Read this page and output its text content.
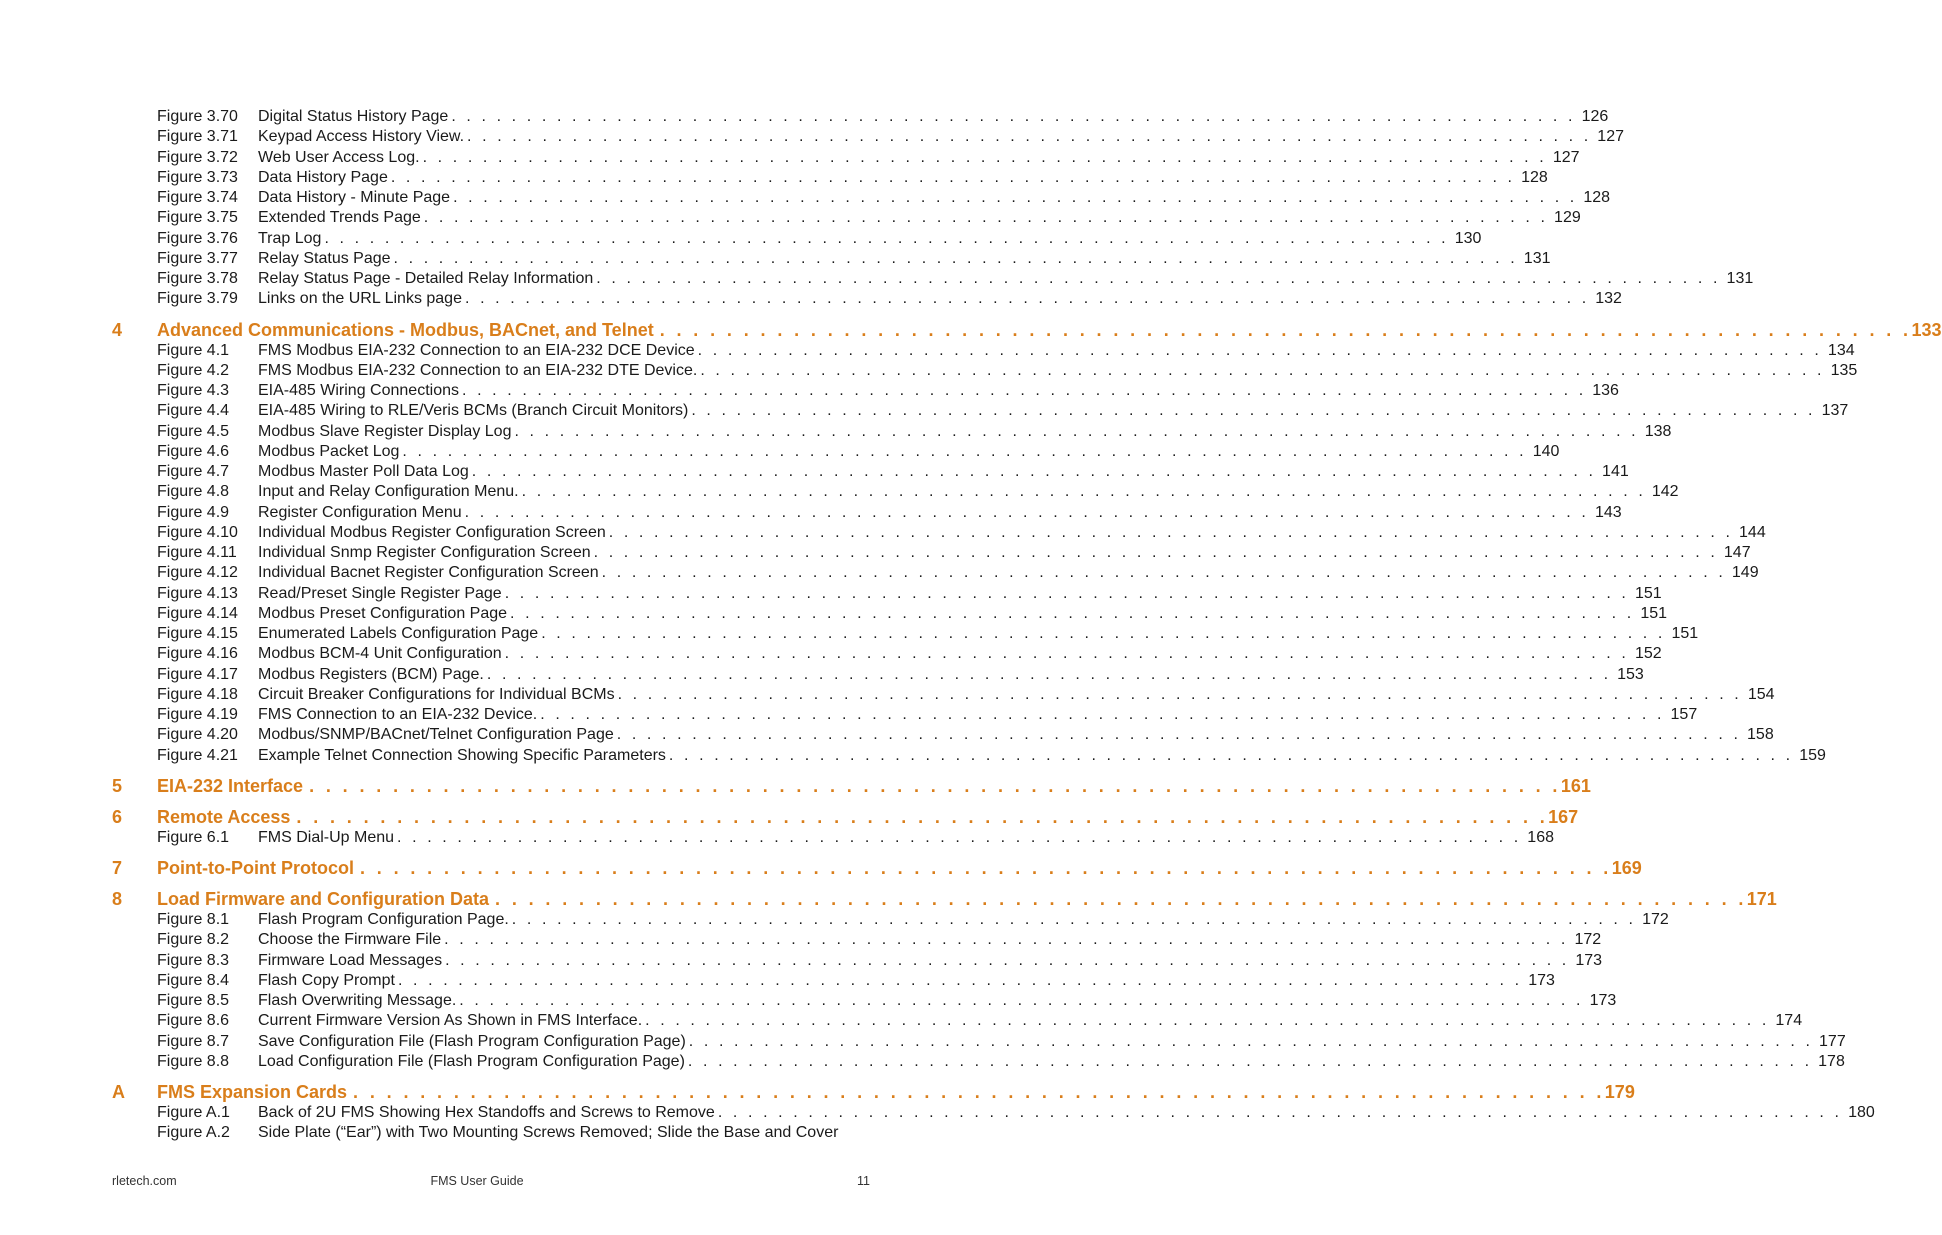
Figure 3.70 Digital Status History Page . . . . . . . . . . . . . . . . . . . . . . . . . . . . . . . . . . . . . . . . . . . . . . . . . . . . . . . . . . . . . . . . . . . . . . . . . . . 126
Figure 3.71 Keypad Access History View. . . . . . . . . . . . . . . . . . . . . . . . . . . . . . . . . . . . . . . . . . . . . . . . . . . . . . . . . . . . . . . . . . . . . . . . . . . . 127
Figure 3.72 Web User Access Log. . . . . . . . . . . . . . . . . . . . . . . . . . . . . . . . . . . . . . . . . . . . . . . . . . . . . . . . . . . . . . . . . . . . . . . . . . . . 127
Figure 3.73 Data History Page . . . . . . . . . . . . . . . . . . . . . . . . . . . . . . . . . . . . . . . . . . . . . . . . . . . . . . . . . . . . . . . . . . . . . . . . . . . 128
Figure 3.74 Data History - Minute Page . . . . . . . . . . . . . . . . . . . . . . . . . . . . . . . . . . . . . . . . . . . . . . . . . . . . . . . . . . . . . . . . . . . . . . . . . . . 128
Figure 3.75 Extended Trends Page . . . . . . . . . . . . . . . . . . . . . . . . . . . . . . . . . . . . . . . . . . . . . . . . . . . . . . . . . . . . . . . . . . . . . . . . . . . 129
Figure 3.76 Trap Log . . . . . . . . . . . . . . . . . . . . . . . . . . . . . . . . . . . . . . . . . . . . . . . . . . . . . . . . . . . . . . . . . . . . . . . . . . . 130
Figure 3.77 Relay Status Page . . . . . . . . . . . . . . . . . . . . . . . . . . . . . . . . . . . . . . . . . . . . . . . . . . . . . . . . . . . . . . . . . . . . . . . . . . . 131
Figure 3.78 Relay Status Page - Detailed Relay Information . . . . . . . . . . . . . . . . . . . . . . . . . . . . . . . . . . . . . . . . . . . . . . . . . . . . . . . . . . . . . . . . . . . . . . . . . . . 131
Figure 3.79 Links on the URL Links page . . . . . . . . . . . . . . . . . . . . . . . . . . . . . . . . . . . . . . . . . . . . . . . . . . . . . . . . . . . . . . . . . . . . . . . . . . . 132
4 Advanced Communications - Modbus, BACnet, and Telnet . . . . . . . . . . . . . . . . . . . . . . . . . . . . . . . . . . . . . . . . . . . . . . . . . . . . . . . . . . . . . . . . . . . . . . . . . . . 133
Figure 4.1 FMS Modbus EIA-232 Connection to an EIA-232 DCE Device . . . . . . . . . . . . . . . . . . . . . . . . . . . . . . . . . . . . . . . . . . . . . . . . . . . . . . . . . . . . . . . . . . . . . . . . . . . 134
Figure 4.2 FMS Modbus EIA-232 Connection to an EIA-232 DTE Device. . . . . . . . . . . . . . . . . . . . . . . . . . . . . . . . . . . . . . . . . . . . . . . . . . . . . . . . . . . . . . . . . . . . . . . . . . . . 135
Figure 4.3 EIA-485 Wiring Connections . . . . . . . . . . . . . . . . . . . . . . . . . . . . . . . . . . . . . . . . . . . . . . . . . . . . . . . . . . . . . . . . . . . . . . . . . . . 136
Figure 4.4 EIA-485 Wiring to RLE/Veris BCMs (Branch Circuit Monitors) . . . . . . . . . . . . . . . . . . . . . . . . . . . . . . . . . . . . . . . . . . . . . . . . . . . . . . . . . . . . . . . . . . . . . . . . . . . 137
Figure 4.5 Modbus Slave Register Display Log . . . . . . . . . . . . . . . . . . . . . . . . . . . . . . . . . . . . . . . . . . . . . . . . . . . . . . . . . . . . . . . . . . . . . . . . . . . 138
Figure 4.6 Modbus Packet Log . . . . . . . . . . . . . . . . . . . . . . . . . . . . . . . . . . . . . . . . . . . . . . . . . . . . . . . . . . . . . . . . . . . . . . . . . . . 140
Figure 4.7 Modbus Master Poll Data Log . . . . . . . . . . . . . . . . . . . . . . . . . . . . . . . . . . . . . . . . . . . . . . . . . . . . . . . . . . . . . . . . . . . . . . . . . . . 141
Figure 4.8 Input and Relay Configuration Menu. . . . . . . . . . . . . . . . . . . . . . . . . . . . . . . . . . . . . . . . . . . . . . . . . . . . . . . . . . . . . . . . . . . . . . . . . . . . 142
Figure 4.9 Register Configuration Menu . . . . . . . . . . . . . . . . . . . . . . . . . . . . . . . . . . . . . . . . . . . . . . . . . . . . . . . . . . . . . . . . . . . . . . . . . . . 143
Figure 4.10 Individual Modbus Register Configuration Screen . . . . . . . . . . . . . . . . . . . . . . . . . . . . . . . . . . . . . . . . . . . . . . . . . . . . . . . . . . . . . . . . . . . . . . . . . . . 144
Figure 4.11 Individual Snmp Register Configuration Screen . . . . . . . . . . . . . . . . . . . . . . . . . . . . . . . . . . . . . . . . . . . . . . . . . . . . . . . . . . . . . . . . . . . . . . . . . . . 147
Figure 4.12 Individual Bacnet Register Configuration Screen . . . . . . . . . . . . . . . . . . . . . . . . . . . . . . . . . . . . . . . . . . . . . . . . . . . . . . . . . . . . . . . . . . . . . . . . . . . 149
Figure 4.13 Read/Preset Single Register Page . . . . . . . . . . . . . . . . . . . . . . . . . . . . . . . . . . . . . . . . . . . . . . . . . . . . . . . . . . . . . . . . . . . . . . . . . . . 151
Figure 4.14 Modbus Preset Configuration Page . . . . . . . . . . . . . . . . . . . . . . . . . . . . . . . . . . . . . . . . . . . . . . . . . . . . . . . . . . . . . . . . . . . . . . . . . . . 151
Figure 4.15 Enumerated Labels Configuration Page . . . . . . . . . . . . . . . . . . . . . . . . . . . . . . . . . . . . . . . . . . . . . . . . . . . . . . . . . . . . . . . . . . . . . . . . . . . 151
Figure 4.16 Modbus BCM-4 Unit Configuration . . . . . . . . . . . . . . . . . . . . . . . . . . . . . . . . . . . . . . . . . . . . . . . . . . . . . . . . . . . . . . . . . . . . . . . . . . . 152
Figure 4.17 Modbus Registers (BCM) Page. . . . . . . . . . . . . . . . . . . . . . . . . . . . . . . . . . . . . . . . . . . . . . . . . . . . . . . . . . . . . . . . . . . . . . . . . . . . 153
Figure 4.18 Circuit Breaker Configurations for Individual BCMs . . . . . . . . . . . . . . . . . . . . . . . . . . . . . . . . . . . . . . . . . . . . . . . . . . . . . . . . . . . . . . . . . . . . . . . . . . . 154
Figure 4.19 FMS Connection to an EIA-232 Device. . . . . . . . . . . . . . . . . . . . . . . . . . . . . . . . . . . . . . . . . . . . . . . . . . . . . . . . . . . . . . . . . . . . . . . . . . . . 157
Figure 4.20 Modbus/SNMP/BACnet/Telnet Configuration Page . . . . . . . . . . . . . . . . . . . . . . . . . . . . . . . . . . . . . . . . . . . . . . . . . . . . . . . . . . . . . . . . . . . . . . . . . . . 158
Figure 4.21 Example Telnet Connection Showing Specific Parameters . . . . . . . . . . . . . . . . . . . . . . . . . . . . . . . . . . . . . . . . . . . . . . . . . . . . . . . . . . . . . . . . . . . . . . . . . . . 159
5 EIA-232 Interface . . . . . . . . . . . . . . . . . . . . . . . . . . . . . . . . . . . . . . . . . . . . . . . . . . . . . . . . . . . . . . . . . . . . . . . . . . . 161
6 Remote Access . . . . . . . . . . . . . . . . . . . . . . . . . . . . . . . . . . . . . . . . . . . . . . . . . . . . . . . . . . . . . . . . . . . . . . . . . . . 167
Figure 6.1 FMS Dial-Up Menu . . . . . . . . . . . . . . . . . . . . . . . . . . . . . . . . . . . . . . . . . . . . . . . . . . . . . . . . . . . . . . . . . . . . . . . . . . . 168
7 Point-to-Point Protocol . . . . . . . . . . . . . . . . . . . . . . . . . . . . . . . . . . . . . . . . . . . . . . . . . . . . . . . . . . . . . . . . . . . . . . . . . . . 169
8 Load Firmware and Configuration Data . . . . . . . . . . . . . . . . . . . . . . . . . . . . . . . . . . . . . . . . . . . . . . . . . . . . . . . . . . . . . . . . . . . . . . . . . . . 171
Figure 8.1 Flash Program Configuration Page. . . . . . . . . . . . . . . . . . . . . . . . . . . . . . . . . . . . . . . . . . . . . . . . . . . . . . . . . . . . . . . . . . . . . . . . . . . . 172
Figure 8.2 Choose the Firmware File . . . . . . . . . . . . . . . . . . . . . . . . . . . . . . . . . . . . . . . . . . . . . . . . . . . . . . . . . . . . . . . . . . . . . . . . . . . 172
Figure 8.3 Firmware Load Messages . . . . . . . . . . . . . . . . . . . . . . . . . . . . . . . . . . . . . . . . . . . . . . . . . . . . . . . . . . . . . . . . . . . . . . . . . . . 173
Figure 8.4 Flash Copy Prompt . . . . . . . . . . . . . . . . . . . . . . . . . . . . . . . . . . . . . . . . . . . . . . . . . . . . . . . . . . . . . . . . . . . . . . . . . . . 173
Figure 8.5 Flash Overwriting Message. . . . . . . . . . . . . . . . . . . . . . . . . . . . . . . . . . . . . . . . . . . . . . . . . . . . . . . . . . . . . . . . . . . . . . . . . . . . 173
Figure 8.6 Current Firmware Version As Shown in FMS Interface. . . . . . . . . . . . . . . . . . . . . . . . . . . . . . . . . . . . . . . . . . . . . . . . . . . . . . . . . . . . . . . . . . . . . . . . . . . . 174
Figure 8.7 Save Configuration File (Flash Program Configuration Page) . . . . . . . . . . . . . . . . . . . . . . . . . . . . . . . . . . . . . . . . . . . . . . . . . . . . . . . . . . . . . . . . . . . . . . . . . . . 177
Figure 8.8 Load Configuration File (Flash Program Configuration Page) . . . . . . . . . . . . . . . . . . . . . . . . . . . . . . . . . . . . . . . . . . . . . . . . . . . . . . . . . . . . . . . . . . . . . . . . . . . 178
A FMS Expansion Cards . . . . . . . . . . . . . . . . . . . . . . . . . . . . . . . . . . . . . . . . . . . . . . . . . . . . . . . . . . . . . . . . . . . . . . . . . . . 179
Figure A.1 Back of 2U FMS Showing Hex Standoffs and Screws to Remove . . . . . . . . . . . . . . . . . . . . . . . . . . . . . . . . . . . . . . . . . . . . . . . . . . . . . . . . . . . . . . . . . . . . . . . . . . . 180
Figure A.2 Side Plate (“Ear”) with Two Mounting Screws Removed; Slide the Base and Cover
rletech.com	FMS User Guide	11
